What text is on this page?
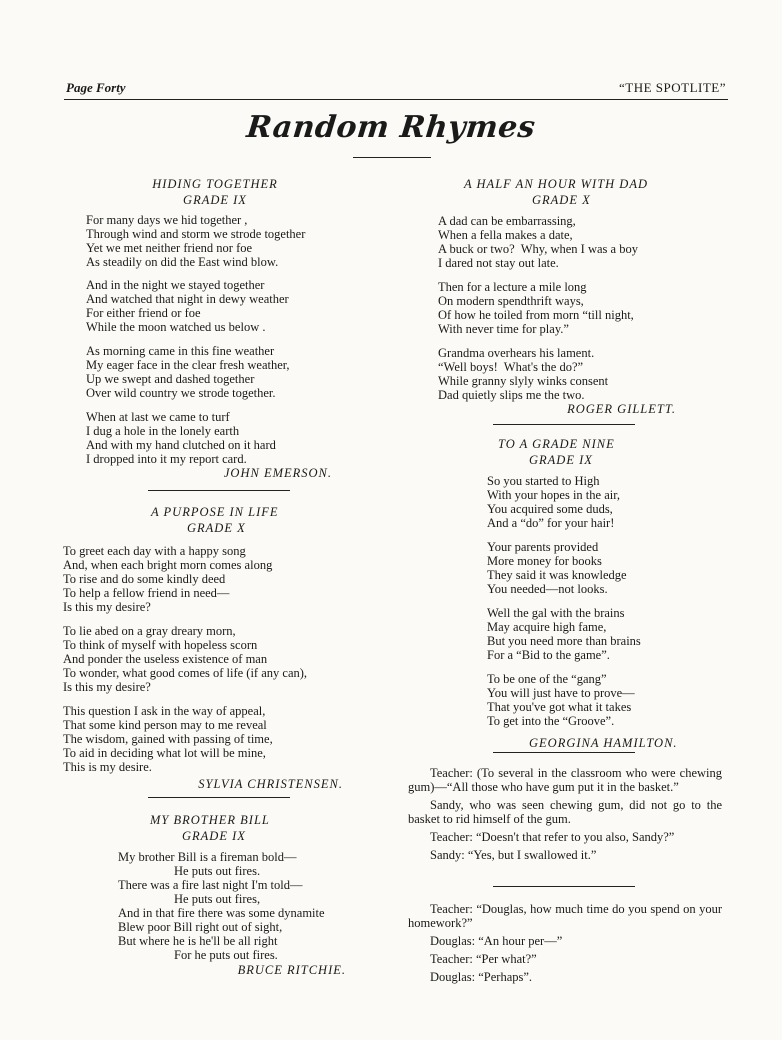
Page Forty	“THE SPOTLITE”
Random Rhymes
HIDING TOGETHER
GRADE IX
For many days we hid together ,
Through wind and storm we strode together
Yet we met neither friend nor foe
As steadily on did the East wind blow.
And in the night we stayed together
And watched that night in dewy weather
For either friend or foe
While the moon watched us below .
As morning came in this fine weather
My eager face in the clear fresh weather,
Up we swept and dashed together
Over wild country we strode together.
When at last we came to turf
I dug a hole in the lonely earth
And with my hand clutched on it hard
I dropped into it my report card.
JOHN EMERSON.
A PURPOSE IN LIFE
GRADE X
To greet each day with a happy song
And, when each bright morn comes along
To rise and do some kindly deed
To help a fellow friend in need—
Is this my desire?
To lie abed on a gray dreary morn,
To think of myself with hopeless scorn
And ponder the useless existence of man
To wonder, what good comes of life (if any can),
Is this my desire?
This question I ask in the way of appeal,
That some kind person may to me reveal
The wisdom, gained with passing of time,
To aid in deciding what lot will be mine,
This is my desire.
SYLVIA CHRISTENSEN.
MY BROTHER BILL
GRADE IX
My brother Bill is a fireman bold—
He puts out fires.
There was a fire last night I'm told—
He puts out fires,
And in that fire there was some dynamite
Blew poor Bill right out of sight,
But where he is he'll be all right
For he puts out fires.
BRUCE RITCHIE.
A HALF AN HOUR WITH DAD
GRADE X
A dad can be embarrassing,
When a fella makes a date,
A buck or two?  Why, when I was a boy
I dared not stay out late.
Then for a lecture a mile long
On modern spendthrift ways,
Of how he toiled from morn “till night,
With never time for play.”
Grandma overhears his lament.
“Well boys!  What's the do?”
While granny slyly winks consent
Dad quietly slips me the two.
ROGER GILLETT.
TO A GRADE NINE
GRADE IX
So you started to High
With your hopes in the air,
You acquired some duds,
And a “do” for your hair!
Your parents provided
More money for books
They said it was knowledge
You needed—not looks.
Well the gal with the brains
May acquire high fame,
But you need more than brains
For a “Bid to the game”.
To be one of the “gang”
You will just have to prove—
That you've got what it takes
To get into the “Groove”.
GEORGINA HAMILTON.
Teacher: (To several in the classroom who were chewing gum)—“All those who have gum put it in the basket.”
Sandy, who was seen chewing gum, did not go to the basket to rid himself of the gum.
Teacher: “Doesn't that refer to you also, Sandy?”
Sandy: “Yes, but I swallowed it.”
Teacher: “Douglas, how much time do you spend on your homework?”
Douglas: “An hour per—”
Teacher: “Per what?”
Douglas: “Perhaps”.
